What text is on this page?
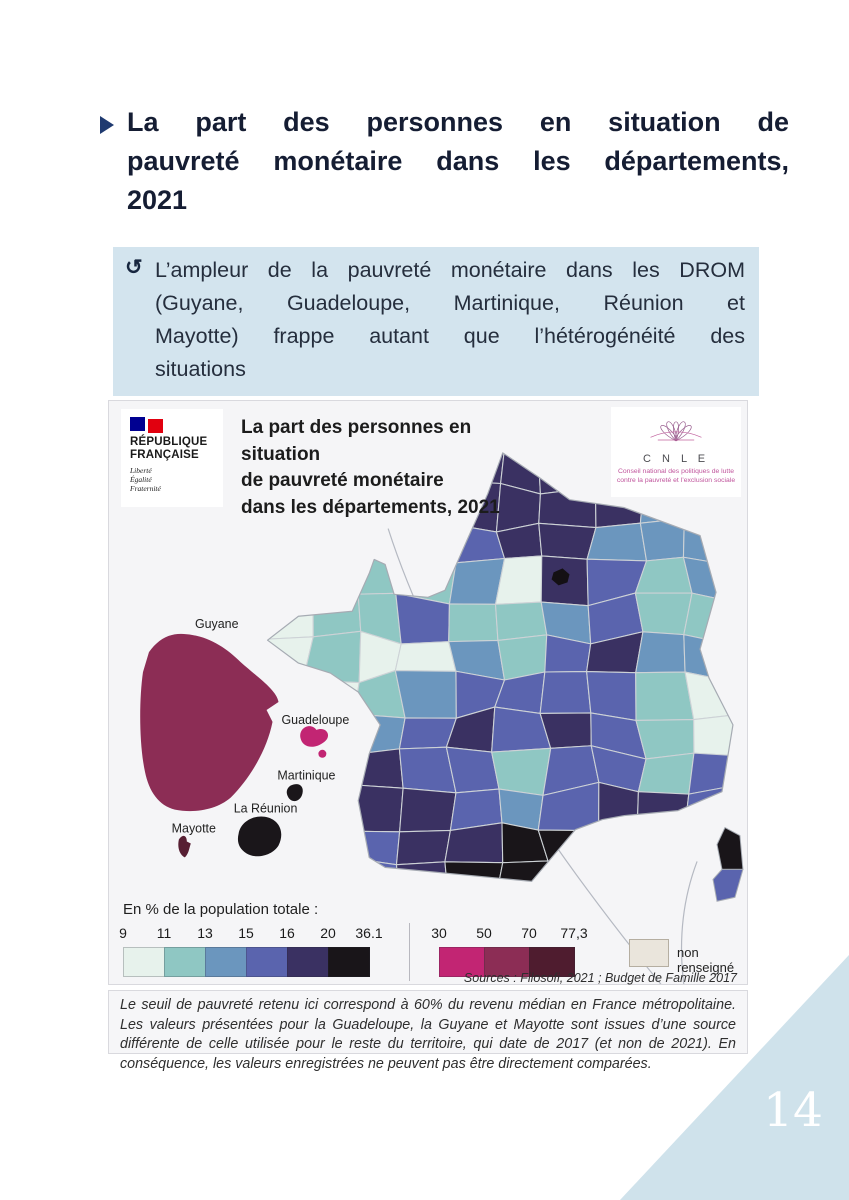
La part des personnes en situation de
pauvreté monétaire dans les départements,
2021
↺ L’ampleur de la pauvreté monétaire dans les DROM
(Guyane, Guadeloupe, Martinique, Réunion et
Mayotte) frappe autant que l’hétérogénéité des
situations
Guyane
Guadeloupe
Martinique
La Réunion
Mayotte
RÉPUBLIQUE
FRANÇAISE
Liberté
Égalité
Fraternité
La part des personnes en situation
de pauvreté monétaire
dans les départements, 2021
C N L E
Conseil national des politiques de lutte
contre la pauvreté et l’exclusion sociale
En % de la population totale :
9 11 13 15 16 20 36.1	30 50 70 77,3
non renseigné
Sources : Filosofi, 2021 ; Budget de Famille 2017
Le seuil de pauvreté retenu ici correspond à 60% du revenu médian en France métropolitaine. Les valeurs présentées pour la Guadeloupe, la Guyane et Mayotte sont issues d’une source différente de celle utilisée pour le reste du territoire, qui date de 2017 (et non de 2021). En conséquence, les valeurs enregistrées ne peuvent pas être directement comparées.
14
